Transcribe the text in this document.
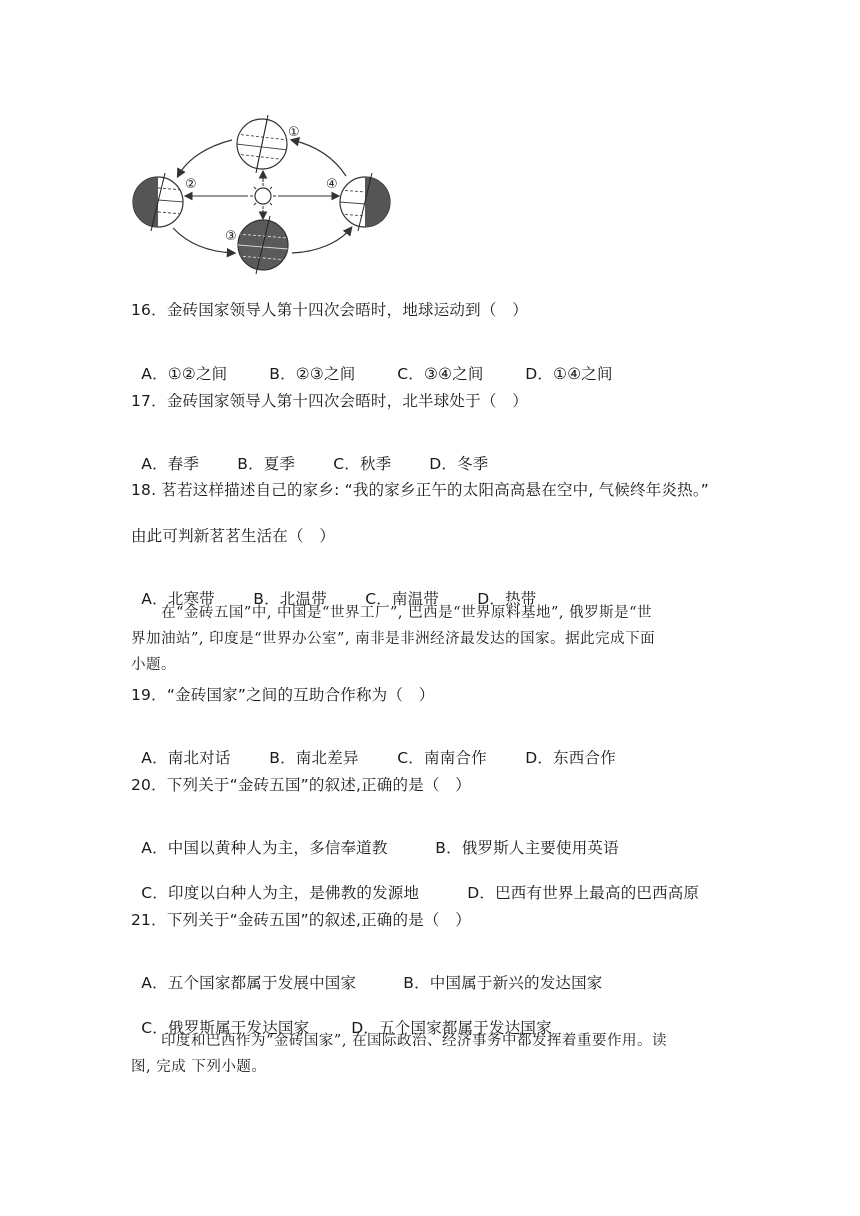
①
②
③
④
16．金砖国家领导人第十四次会晤时，地球运动到（　）

A．①②之间	B．②③之间	C．③④之间	D．①④之间

17．金砖国家领导人第十四次会晤时，北半球处于（　）

A．春季 B．夏季 C．秋季 D．冬季

18. 茗若这样描述自己的家乡: “我的家乡正午的太阳高高悬在空中, 气候终年炎热。”
由此可判新茗茗生活在（　）

A．北寒带 B．北温带 C．南温带 D．热带

在“金砖五国”中, 中国是“世界工厂”, 巴西是“世界原料基地”, 俄罗斯是“世
界加油站”, 印度是“世界办公室”, 南非是非洲经济最发达的国家。据此完成下面
小题。
19．“金砖国家”之间的互助合作称为（　）

A．南北对话 B．南北差异 C．南南合作 D．东西合作

20．下列关于“金砖五国”的叙述,正确的是（　）

A．中国以黄种人为主，多信奉道教	B．俄罗斯人主要使用英语

C．印度以白种人为主，是佛教的发源地	D．巴西有世界上最高的巴西高原

21．下列关于“金砖五国”的叙述,正确的是（　）

A．五个国家都属于发展中国家	B．中国属于新兴的发达国家

C．俄罗斯属于发达国家	D．五个国家都属于发达国家

印度和巴西作为“金砖国家”, 在国际政治、经济事务中都发挥着重要作用。读
图, 完成 下列小题。
